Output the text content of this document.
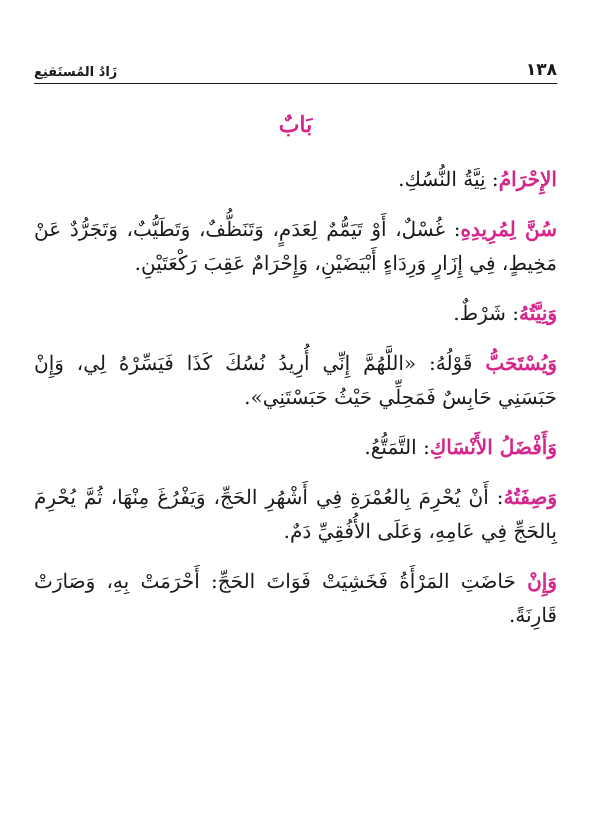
١٣٨
زَادُ المُستَقنِع
بَابٌ

الإِحْرَامُ: نِيَّةُ النُّسُكِ.

سُنَّ لِمُرِيدِهِ: غُسْلٌ، أَوْ تَيَمُّمٌ لِعَدَمٍ، وَتَنَظُّفٌ، وَتَطَيُّبٌ، وَتَجَرُّدٌ عَنْ مَخِيطٍ، فِي إِزَارٍ وَرِدَاءٍ أَبْيَضَيْنِ، وَإِحْرَامٌ عَقِبَ رَكْعَتَيْنِ.

وَنِيَّتُهُ: شَرْطٌ.

وَيُسْتَحَبُّ قَوْلُهُ: «اللَّهُمَّ إِنِّي أُرِيدُ نُسُكَ كَذَا فَيَسِّرْهُ لِي، وَإِنْ حَبَسَنِي حَابِسٌ فَمَحِلِّي حَيْثُ حَبَسْتَنِي».

وَأَفْضَلُ الأَنْسَاكِ: التَّمَتُّعُ.

وَصِفَتُهُ: أَنْ يُحْرِمَ بِالعُمْرَةِ فِي أَشْهُرِ الحَجِّ، وَيَفْرُغَ مِنْهَا، ثُمَّ يُحْرِمَ بِالحَجِّ فِي عَامِهِ، وَعَلَى الأُفُقِيِّ دَمٌ.

وَإِنْ حَاضَتِ المَرْأَةُ فَخَشِيَتْ فَوَاتَ الحَجِّ: أَحْرَمَتْ بِهِ، وَصَارَتْ قَارِنَةً.
